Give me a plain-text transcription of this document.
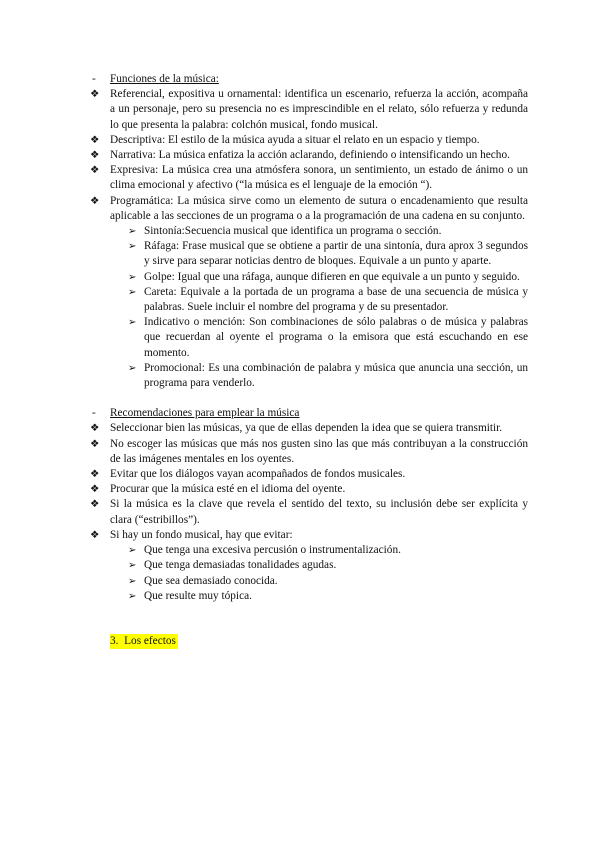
-	Funciones de la música:
❖ Referencial, expositiva u ornamental: identifica un escenario, refuerza la acción, acompaña a un personaje, pero su presencia no es imprescindible en el relato, sólo refuerza y redunda lo que presenta la palabra: colchón musical, fondo musical.
❖ Descriptiva: El estilo de la música ayuda a situar el relato en un espacio y tiempo.
❖ Narrativa: La música enfatiza la acción aclarando, definiendo o intensificando un hecho.
❖ Expresiva: La música crea una atmósfera sonora, un sentimiento, un estado de ánimo o un clima emocional y afectivo (“la música es el lenguaje de la emoción “).
❖ Programática: La música sirve como un elemento de sutura o encadenamiento que resulta aplicable a las secciones de un programa o a la programación de una cadena en su conjunto.
➢ Sintonía:Secuencia musical que identifica un programa o sección.
➢ Ráfaga: Frase musical que se obtiene a partir de una sintonía, dura aprox 3 segundos y sirve para separar noticias dentro de bloques. Equivale a un punto y aparte.
➢ Golpe: Igual que una ráfaga, aunque difieren en que equivale a un punto y seguido.
➢ Careta: Equivale a la portada de un programa a base de una secuencia de música y palabras. Suele incluir el nombre del programa y de su presentador.
➢ Indicativo o mención: Son combinaciones de sólo palabras o de música y palabras que recuerdan al oyente el programa o la emisora que está escuchando en ese momento.
➢ Promocional: Es una combinación de palabra y música que anuncia una sección, un programa para venderlo.
-	Recomendaciones para emplear la música
❖ Seleccionar bien las músicas, ya que de ellas dependen la idea que se quiera transmitir.
❖ No escoger las músicas que más nos gusten sino las que más contribuyan a la construcción de las imágenes mentales en los oyentes.
❖ Evitar que los diálogos vayan acompañados de fondos musicales.
❖ Procurar que la música esté en el idioma del oyente.
❖ Si la música es la clave que revela el sentido del texto, su inclusión debe ser explícita y clara (“estribillos”).
❖ Si hay un fondo musical, hay que evitar:
➢ Que tenga una excesiva percusión o instrumentalización.
➢ Que tenga demasiadas tonalidades agudas.
➢ Que sea demasiado conocida.
➢ Que resulte muy tópica.
3. Los efectos
